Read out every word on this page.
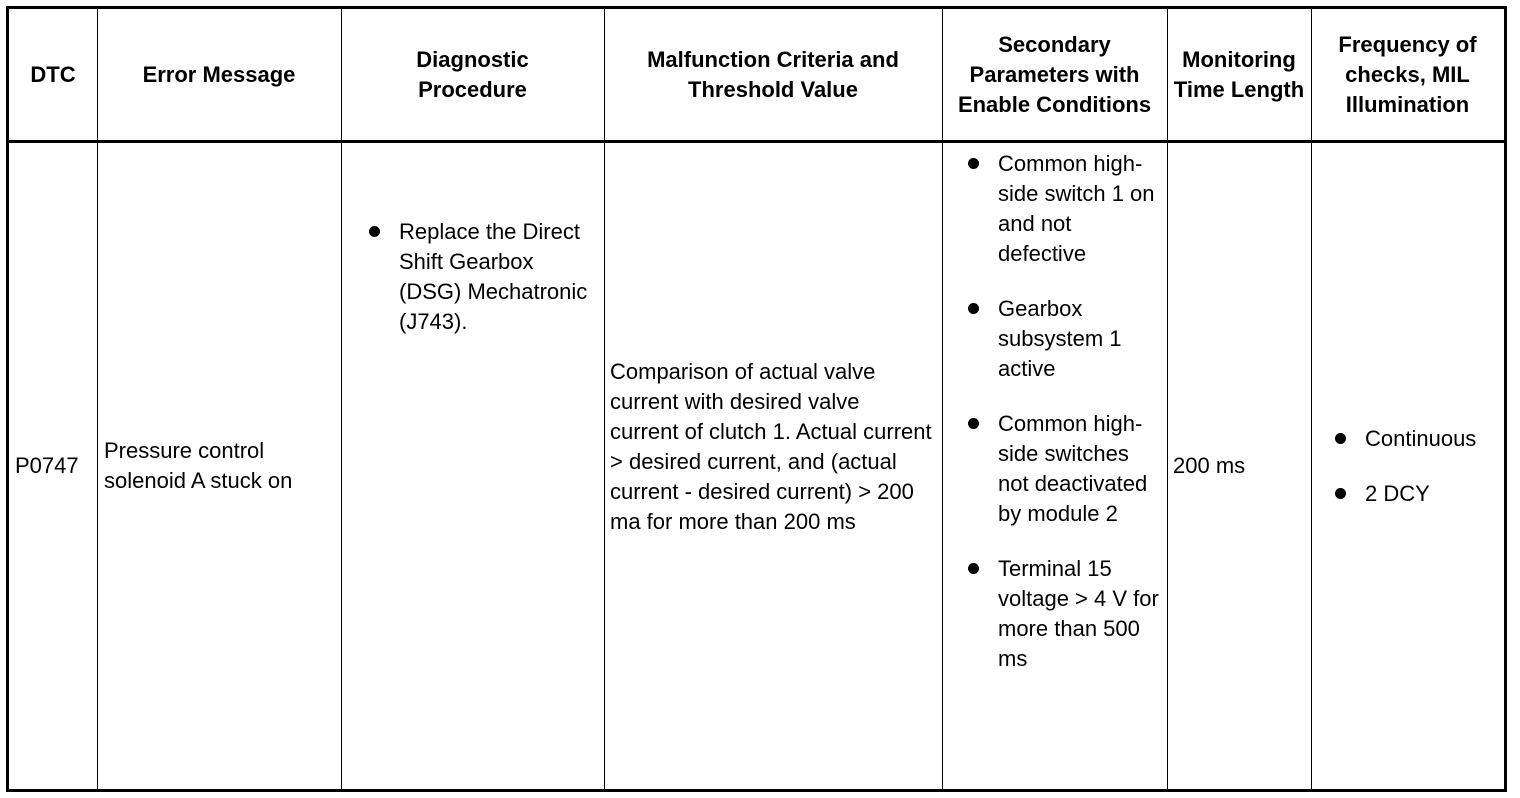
DTC	Error Message
Diagnostic Procedure
Malfunction Criteria and Threshold Value
Secondary Parameters with Enable Conditions
Monitoring Time Length
Frequency of checks, MIL Illumination
P0747
Pressure control solenoid A stuck on
Replace the Direct Shift Gearbox (DSG) Mechatronic (J743).
Comparison of actual valve current with desired valve current of clutch 1. Actual current > desired current, and (actual current - desired current) > 200 ma for more than 200 ms
Common high-side switch 1 on and not defective
Gearbox subsystem 1 active
Common high-side switches not deactivated by module 2
Terminal 15 voltage > 4 V for more than 500 ms
200 ms
Continuous
2 DCY
